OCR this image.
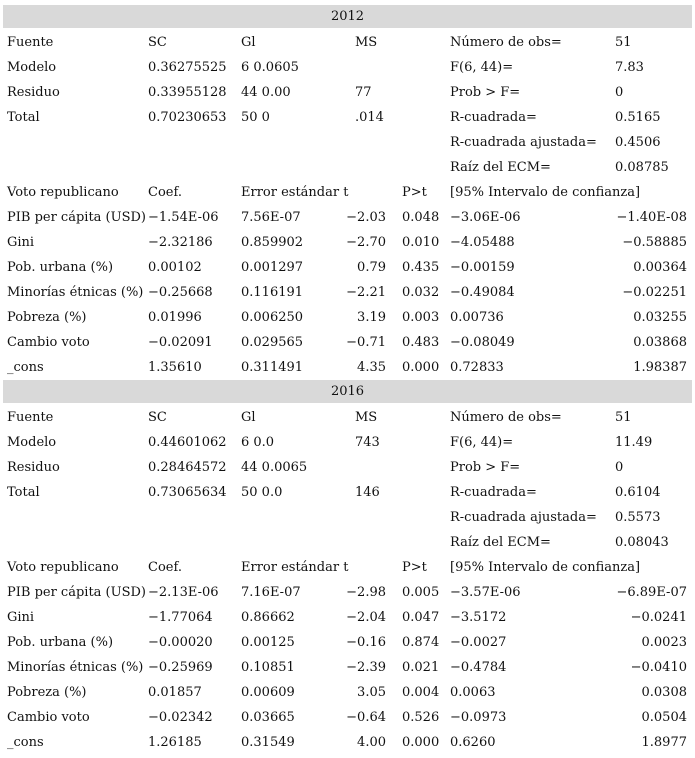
2012
Fuente	SC	Gl	MS	Número de obs=	51
Modelo	0.36275525 6 0.0605	F(6, 44)=	7.83
Residuo	0.33955128 44 0.00	77	Prob > F=	0
Total	0.70230653 50 0	.014	R-cuadrada=	0.5165
R-cuadrada ajustada= 0.4506
Raíz del ECM=	0.08785
Voto republicano Coef.	Error estándar t	P>t	[95% Intervalo de confianza]
PIB per cápita (USD) −1.54E-06 7.56E-07	−2.03 0.048 −3.06E-06	−1.40E-08
Gini	−2.32186 0.859902	−2.70 0.010 −4.05488	−0.58885
Pob. urbana (%)	0.00102	0.001297	0.79 0.435 −0.00159	0.00364
Minorías étnicas (%) −0.25668 0.116191	−2.21 0.032 −0.49084	−0.02251
Pobreza (%)	0.01996	0.006250	3.19 0.003 0.00736	0.03255
Cambio voto	−0.02091 0.029565	−0.71 0.483 −0.08049	0.03868
_cons	1.35610	0.311491	4.35 0.000 0.72833	1.98387
2016
Fuente	SC	Gl	MS	Número de obs=	51
Modelo	0.44601062 6 0.0	743	F(6, 44)=	11.49
Residuo	0.28464572 44 0.0065	Prob > F=	0
Total	0.73065634 50 0.0	146	R-cuadrada=	0.6104
R-cuadrada ajustada= 0.5573
Raíz del ECM=	0.08043
Voto republicano Coef.	Error estándar t	P>t	[95% Intervalo de confianza]
PIB per cápita (USD) −2.13E-06 7.16E-07	−2.98 0.005 −3.57E-06	−6.89E-07
Gini	−1.77064 0.86662	−2.04 0.047 −3.5172	−0.0241
Pob. urbana (%)	−0.00020 0.00125	−0.16 0.874 −0.0027	0.0023
Minorías étnicas (%) −0.25969 0.10851	−2.39 0.021 −0.4784	−0.0410
Pobreza (%)	0.01857	0.00609	3.05 0.004 0.0063	0.0308
Cambio voto	−0.02342 0.03665	−0.64 0.526 −0.0973	0.0504
_cons	1.26185	0.31549	4.00 0.000 0.6260	1.8977
